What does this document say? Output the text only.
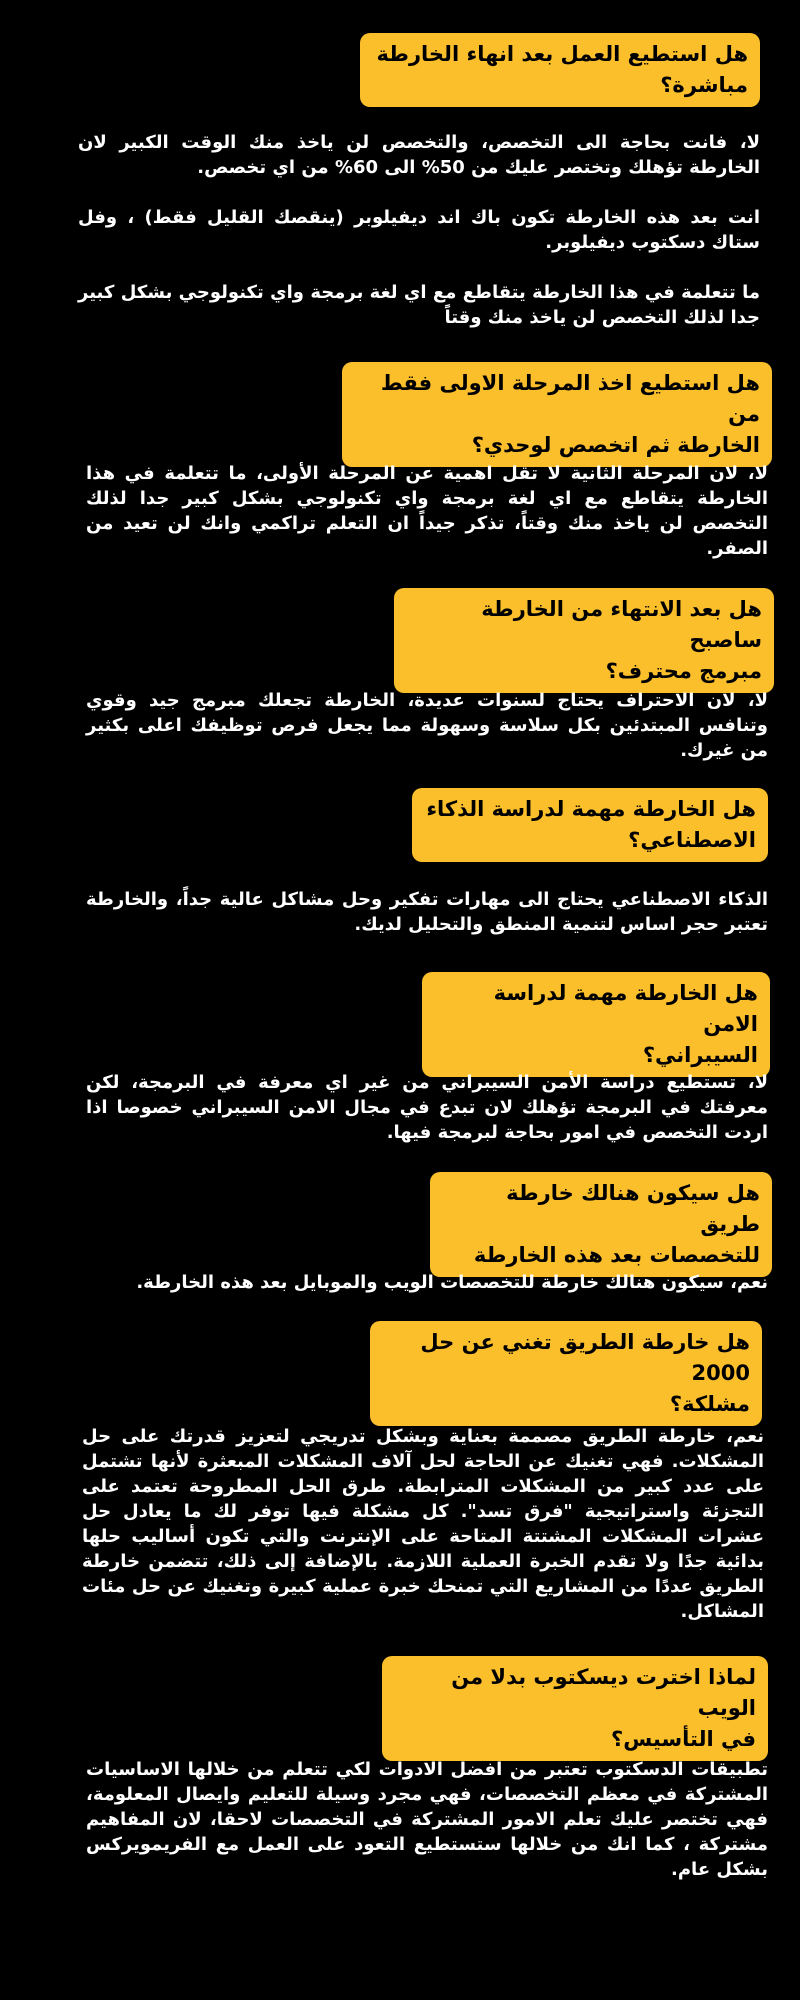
هل استطيع العمل بعد انهاء الخارطة
مباشرة؟

لا، فانت بحاجة الى التخصص، والتخصص لن ياخذ منك الوقت الكبير لان الخارطة تؤهلك وتختصر عليك من 50% الى 60% من اي تخصص.

انت بعد هذه الخارطة تكون باك اند ديفيلوبر (ينقصك القليل فقط) ، وفل ستاك دسكتوب ديفيلوبر.

ما تتعلمة في هذا الخارطة يتقاطع مع اي لغة برمجة واي تكنولوجي بشكل كبير جدا لذلك التخصص لن ياخذ منك وقتاً

هل استطيع اخذ المرحلة الاولى فقط من
الخارطة ثم اتخصص لوحدي؟

لا، لان المرحلة الثانية لا تقل اهمية عن المرحلة الأولى، ما تتعلمة في هذا الخارطة يتقاطع مع اي لغة برمجة واي تكنولوجي بشكل كبير جدا لذلك التخصص لن ياخذ منك وقتاً، تذكر جيداً ان التعلم تراكمي وانك لن تعيد من الصفر.

هل بعد الانتهاء من الخارطة ساصبح
مبرمج محترف؟

لا، لان الاحتراف يحتاج لسنوات عديدة، الخارطة تجعلك مبرمج جيد وقوي وتنافس المبتدئين بكل سلاسة وسهولة مما يجعل فرص توظيفك اعلى بكثير من غيرك.

هل الخارطة مهمة لدراسة الذكاء
الاصطناعي؟

الذكاء الاصطناعي يحتاج الى مهارات تفكير وحل مشاكل عالية جداً، والخارطة تعتبر حجر اساس لتنمية المنطق والتحليل لديك.

هل الخارطة مهمة لدراسة الامن
السيبراني؟

لا، تستطيع دراسة الأمن السيبراني من غير اي معرفة في البرمجة، لكن معرفتك في البرمجة تؤهلك لان تبدع في مجال الامن السيبراني خصوصا اذا اردت التخصص في امور بحاجة لبرمجة فيها.

هل سيكون هنالك خارطة طريق
للتخصصات بعد هذه الخارطة

نعم، سيكون هنالك خارطة للتخصصات الويب والموبايل بعد هذه الخارطة.

هل خارطة الطريق تغني عن حل 2000
مشلكة؟

نعم، خارطة الطريق مصممة بعناية وبشكل تدريجي لتعزيز قدرتك على حل المشكلات. فهي تغنيك عن الحاجة لحل آلاف المشكلات المبعثرة لأنها تشتمل على عدد كبير من المشكلات المترابطة. طرق الحل المطروحة تعتمد على التجزئة واستراتيجية "فرق تسد". كل مشكلة فيها توفر لك ما يعادل حل عشرات المشكلات المشتتة المتاحة على الإنترنت والتي تكون أساليب حلها بدائية جدًا ولا تقدم الخبرة العملية اللازمة. بالإضافة إلى ذلك، تتضمن خارطة الطريق عددًا من المشاريع التي تمنحك خبرة عملية كبيرة وتغنيك عن حل مئات المشاكل.

لماذا اخترت ديسكتوب بدلا من الويب
في التأسيس؟

تطبيقات الدسكتوب تعتبر من افضل الادوات لكي تتعلم من خلالها الاساسيات المشتركة في معظم التخصصات، فهي مجرد وسيلة للتعليم وايصال المعلومة، فهي تختصر عليك تعلم الامور المشتركة في التخصصات لاحقا، لان المفاهيم مشتركة ، كما انك من خلالها ستستطيع التعود على العمل مع الفريمويركس بشكل عام.
